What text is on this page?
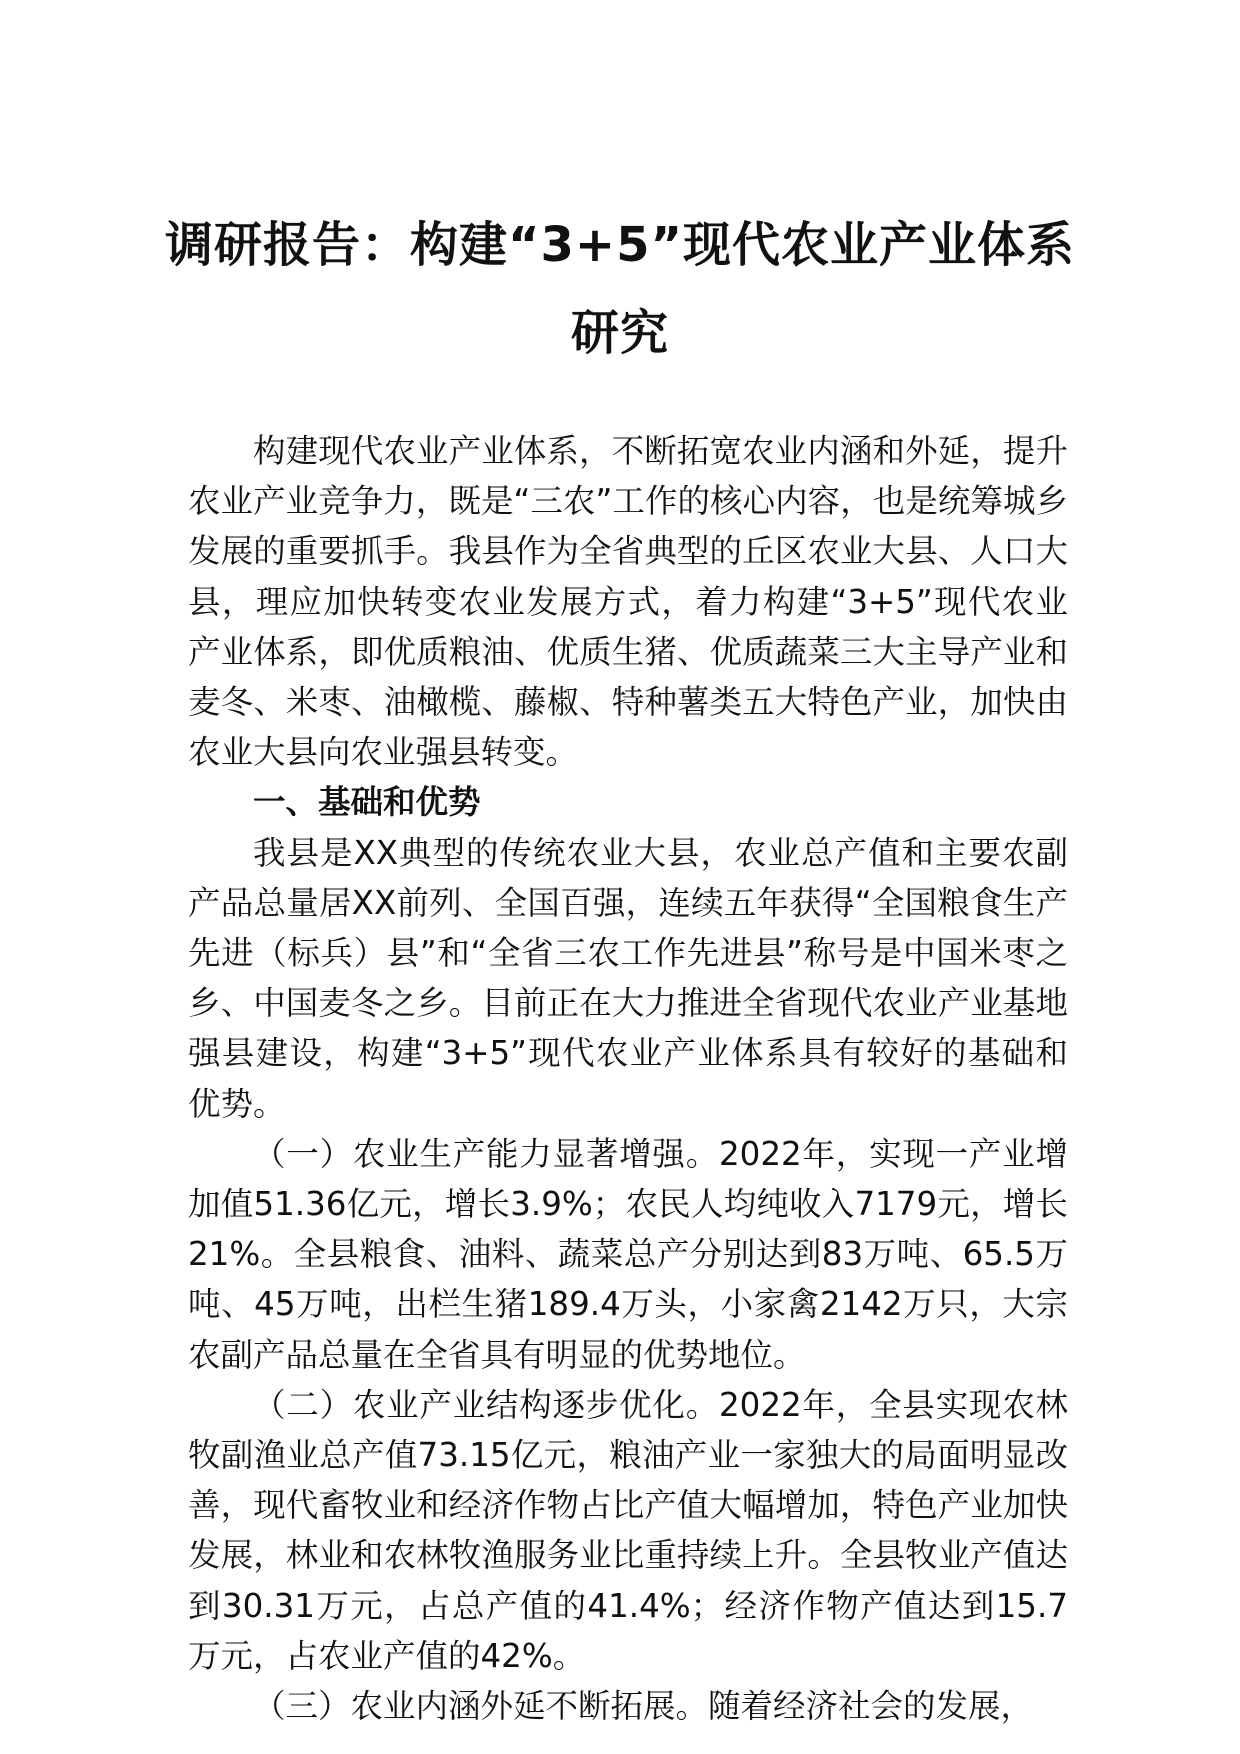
调研报告：构建“3+5”现代农业产业体系
研究

构建现代农业产业体系，不断拓宽农业内涵和外延，提升农业产业竞争力，既是“三农”工作的核心内容，也是统筹城乡发展的重要抓手。我县作为全省典型的丘区农业大县、人口大县，理应加快转变农业发展方式，着力构建“3+5”现代农业产业体系，即优质粮油、优质生猪、优质蔬菜三大主导产业和麦冬、米枣、油橄榄、藤椒、特种薯类五大特色产业，加快由农业大县向农业强县转变。

一、基础和优势

我县是XX典型的传统农业大县，农业总产值和主要农副产品总量居XX前列、全国百强，连续五年获得“全国粮食生产先进（标兵）县”和“全省三农工作先进县”称号是中国米枣之乡、中国麦冬之乡。目前正在大力推进全省现代农业产业基地强县建设，构建“3+5”现代农业产业体系具有较好的基础和优势。

（一）农业生产能力显著增强。2022年，实现一产业增加值51.36亿元，增长3.9%；农民人均纯收入7179元，增长21%。全县粮食、油料、蔬菜总产分别达到83万吨、65.5万吨、45万吨，出栏生猪189.4万头，小家禽2142万只，大宗农副产品总量在全省具有明显的优势地位。

（二）农业产业结构逐步优化。2022年，全县实现农林牧副渔业总产值73.15亿元，粮油产业一家独大的局面明显改善，现代畜牧业和经济作物占比产值大幅增加，特色产业加快发展，林业和农林牧渔服务业比重持续上升。全县牧业产值达到30.31万元，占总产值的41.4%；经济作物产值达到15.7万元，占农业产值的42%。

（三）农业内涵外延不断拓展。随着经济社会的发展，
